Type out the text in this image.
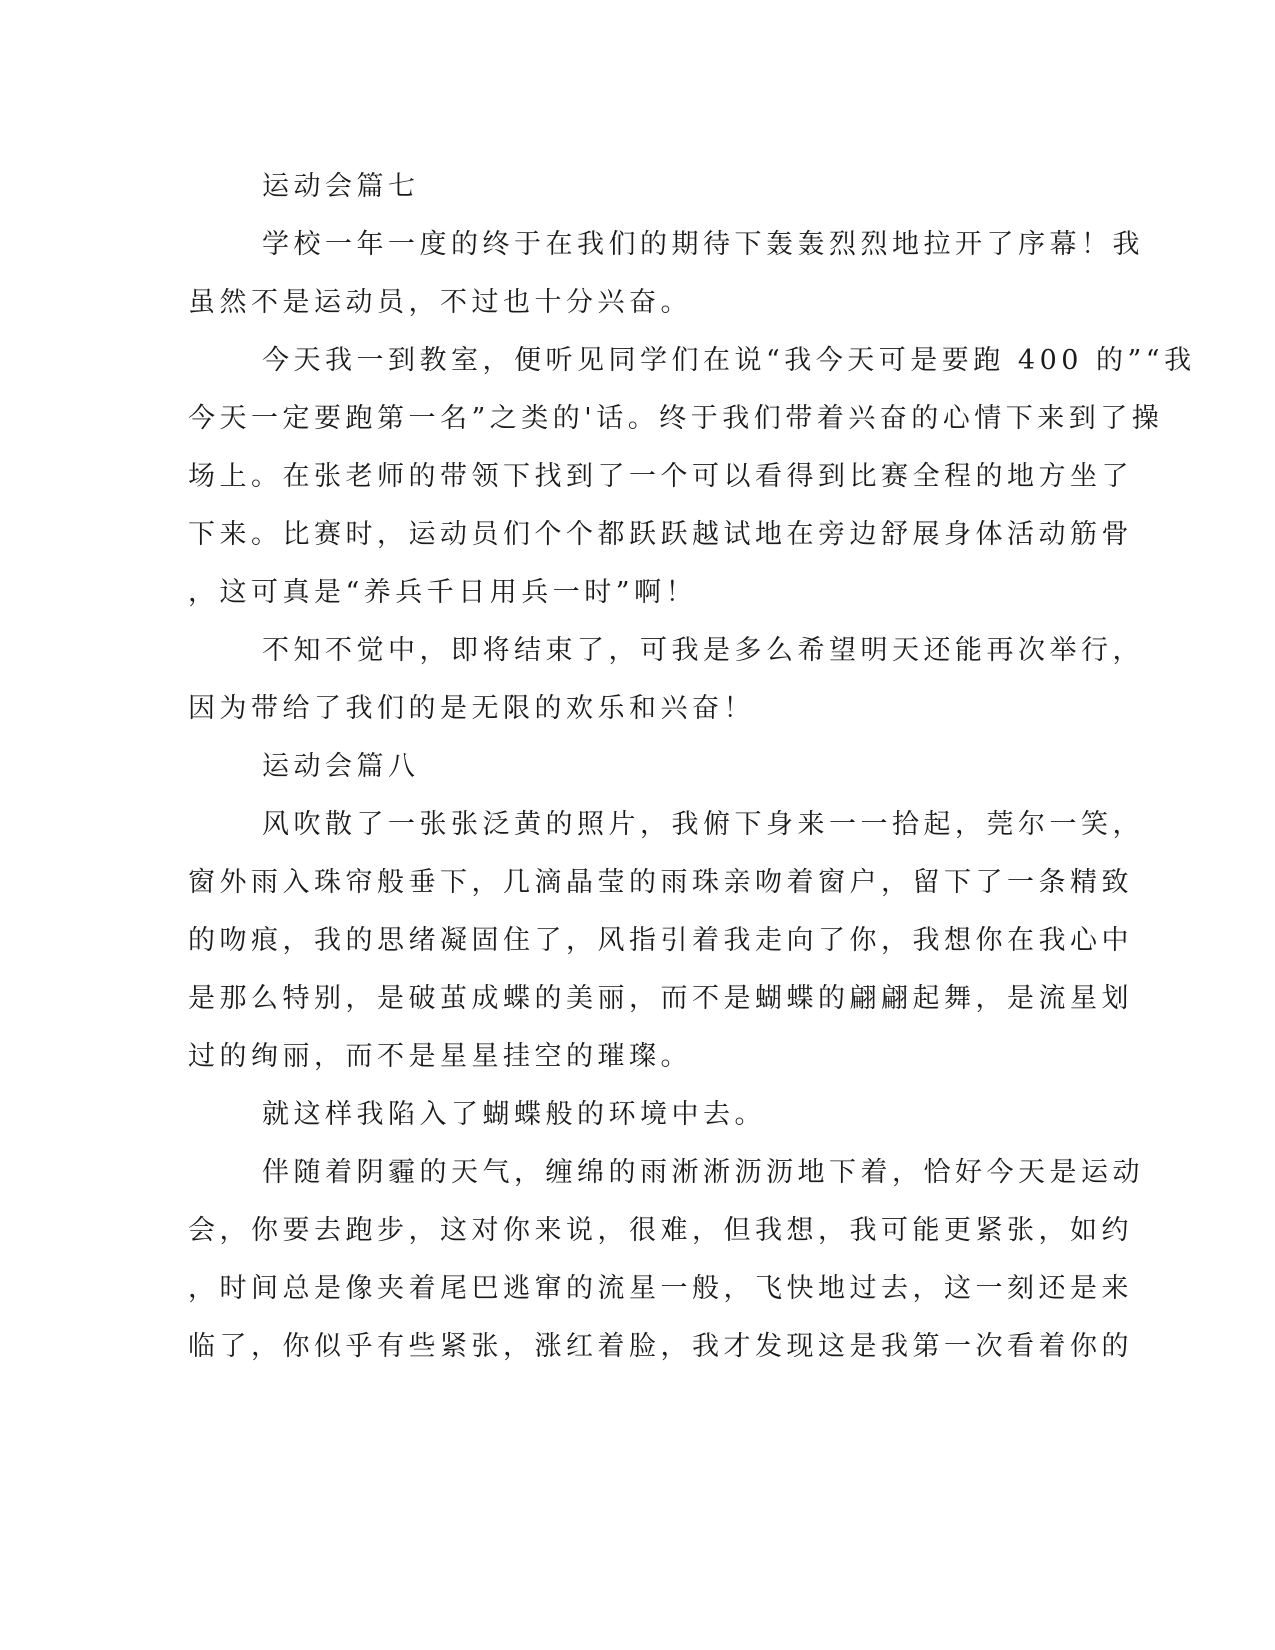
运动会篇七
学校一年一度的终于在我们的期待下轰轰烈烈地拉开了序幕！我
虽然不是运动员，不过也十分兴奋。
今天我一到教室，便听见同学们在说“我今天可是要跑 400 的”“我
今天一定要跑第一名”之类的'话。终于我们带着兴奋的心情下来到了操
场上。在张老师的带领下找到了一个可以看得到比赛全程的地方坐了
下来。比赛时，运动员们个个都跃跃越试地在旁边舒展身体活动筋骨
，这可真是“养兵千日用兵一时”啊！
不知不觉中，即将结束了，可我是多么希望明天还能再次举行，
因为带给了我们的是无限的欢乐和兴奋！
运动会篇八
风吹散了一张张泛黄的照片，我俯下身来一一拾起，莞尔一笑，
窗外雨入珠帘般垂下，几滴晶莹的雨珠亲吻着窗户，留下了一条精致
的吻痕，我的思绪凝固住了，风指引着我走向了你，我想你在我心中
是那么特别，是破茧成蝶的美丽，而不是蝴蝶的翩翩起舞，是流星划
过的绚丽，而不是星星挂空的璀璨。
就这样我陷入了蝴蝶般的环境中去。
伴随着阴霾的天气，缠绵的雨淅淅沥沥地下着，恰好今天是运动
会，你要去跑步，这对你来说，很难，但我想，我可能更紧张，如约
，时间总是像夹着尾巴逃窜的流星一般，飞快地过去，这一刻还是来
临了，你似乎有些紧张，涨红着脸，我才发现这是我第一次看着你的
